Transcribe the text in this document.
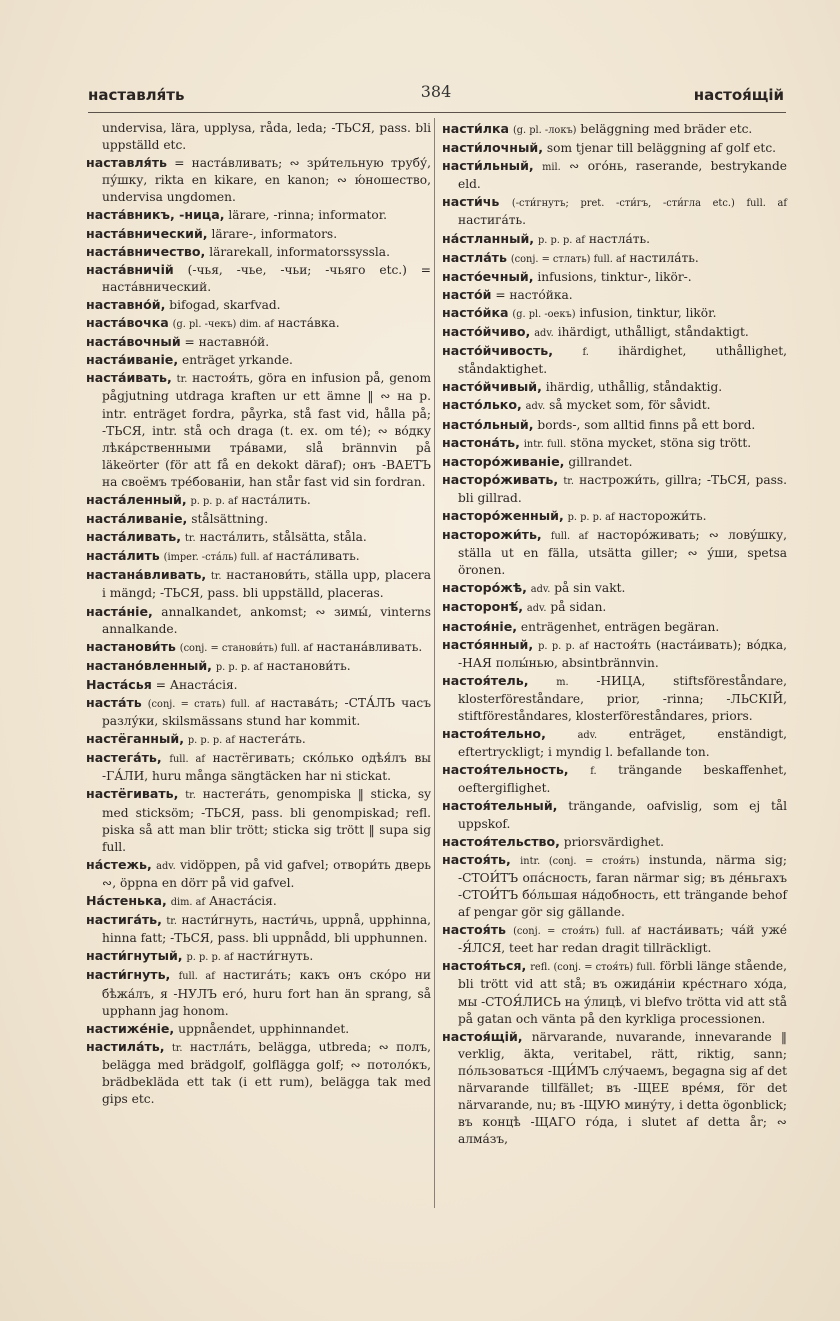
наставля́ть	384	настоя́щій

undervisa, lära, upplysa, råda, leda; -ТЬСЯ, pass. bli uppställd etc.

наставля́ть = наста́вливать; ∾ зри́тельную трубу́, пу́шку, rikta en kikare, en kanon; ∾ ю́ношество, undervisa ungdomen.

наста́вникъ, -ница, lärare, -rinna; informator.

наста́внический, lärare-, informators.

наста́вничество, lärarekall, informatorssyssla.

наста́вничій (-чья, -чье, -чьи; -чьяго etc.) = наста́внический.

наставно́й, bifogad, skarfvad.

наста́вочка (g. pl. -чекъ) dim. af наста́вка.

наста́вочный = наставно́й.

наста́иваніе, enträget yrkande.

наста́ивать, tr. настоя́ть, göra en infusion på, genom pågjutning utdraga kraften ur ett ämne ‖ ∾ на p. intr. enträget fordra, påyrka, stå fast vid, hålla på; -ТЬСЯ, intr. stå och draga (t. ex. om té); ∾ во́дку лѣка́рственными тра́вами, slå brännvin på läkeörter (för att få en dekokt däraf); онъ -ВАЕТЪ на своёмъ тре́бованіи, han står fast vid sin fordran.

наста́ленный, p. p. p. af наста́лить.

наста́ливаніе, stålsättning.

наста́ливать, tr. наста́лить, stålsätta, ståla.

наста́лить (imper. -ста́ль) full. af наста́ливать.

настана́вливать, tr. настанови́ть, ställa upp, placera i mängd; -ТЬСЯ, pass. bli uppställd, placeras.

наста́ніе, annalkandet, ankomst; ∾ зимы́, vinterns annalkande.

настанови́ть (conj. = станови́ть) full. af настана́вливать.

настано́вленный, p. p. p. af настанови́ть.

Наста́сья = Анаста́сія.

наста́ть (conj. = стать) full. af настава́ть; -СТА́ЛЪ часъ разлу́ки, skilsmässans stund har kommit.

настёганный, p. p. p. af настега́ть.

настега́ть, full. af настёгивать; ско́лько одѣя́лъ вы -ГА́ЛИ, huru många sängtäcken har ni stickat.

настёгивать, tr. настега́ть, genompiska ‖ sticka, sy med sticksöm; -ТЬСЯ, pass. bli genompiskad; refl. piska så att man blir trött; sticka sig trött ‖ supa sig full.

на́стежь, adv. vidöppen, på vid gafvel; отвори́ть дверь ∾, öppna en dörr på vid gafvel.

На́стенька, dim. af Анаста́сія.

настига́ть, tr. насти́гнуть, насти́чь, uppnå, upphinna, hinna fatt; -ТЬСЯ, pass. bli uppnådd, bli upphunnen.

насти́гнутый, p. p. p. af насти́гнуть.

насти́гнуть, full. af настига́ть; какъ онъ ско́ро ни бѣжа́лъ, я -НУЛЪ его́, huru fort han än sprang, så upphann jag honom.

настиже́ніе, uppnåendet, upphinnandet.

настила́ть, tr. настла́ть, belägga, utbreda; ∾ полъ, belägga med brädgolf, golflägga golf; ∾ потоло́къ, brädbekläda ett tak (i ett rum), belägga tak med gips etc.

насти́лка (g. pl. -локъ) beläggning med bräder etc.

насти́лочный, som tjenar till beläggning af golf etc.

насти́льный, mil. ∾ ого́нь, raserande, bestrykande eld.

насти́чь (-сти́гнутъ; pret. -сти́гъ, -сти́гла etc.) full. af настига́ть.

на́стланный, p. p. p. af настла́ть.

настла́ть (conj. = стлать) full. af настила́ть.

насто́ечный, infusions, tinktur-, likör-.

насто́й = насто́йка.

насто́йка (g. pl. -оекъ) infusion, tinktur, likör.

насто́йчиво, adv. ihärdigt, uthålligt, ståndaktigt.

насто́йчивость,	f. ihärdighet, uthållighet, ståndaktighet.

насто́йчивый, ihärdig, uthållig, ståndaktig.

насто́лько, adv. så mycket som, för såvidt.

насто́льный, bords-, som alltid finns på ett bord.

настона́ть, intr. full. stöna mycket, stöna sig trött.

насторо́живаніе, gillrandet.

насторо́живать, tr. настрожи́ть, gillra; -ТЬСЯ, pass. bli gillrad.

насторо́женный, p. p. p. af насторожи́ть.

насторожи́ть, full. af насторо́живать; ∾ ловýшку, ställa ut en fälla, utsätta giller; ∾ у́ши, spetsa öronen.

насторо́жѣ, adv. på sin vakt.

насторонѣ́, adv. på sidan.

настоя́ніе, enträgenhet, enträgen begäran.

насто́янный, p. p. p. af настоя́ть (наста́ивать); во́дка, -НАЯ полы́нью, absintbrännvin.

настоя́тель,	m. -НИЦА, stiftsföreståndare, klosterföreståndare, prior, -rinna; -ЛЬСКІЙ, stiftföreståndares, klosterföreståndares, priors.

настоя́тельно,	adv.	enträget, enständigt, eftertryckligt; i myndig l. befallande ton.

настоя́тельность, f. trängande beskaffenhet, oeftergiflighet.

настоя́тельный, trängande, oafvislig, som ej tål uppskof.

настоя́тельство, priorsvärdighet.

настоя́ть, intr. (conj. = стоя́ть) instunda, närma sig; -СТОИ́ТЪ опа́сность, faran närmar sig; въ де́ньгахъ -СТОИ́ТЪ бо́льшая на́добность, ett trängande behof af pengar gör sig gällande.

настоя́ть (conj. = стоя́ть) full. af наста́ивать; ча́й уже́ -Я́ЛСЯ, teet har redan dragit tillräckligt.

настоя́ться, refl. (conj. = стоя́ть) full. förbli länge stående, bli trött vid att stå; въ ожида́ніи кре́стнаго хо́да, мы -СТОЯ́ЛИСЬ на у́лицѣ, vi blefvo trötta vid att stå på gatan och vänta på den kyrkliga processionen.

настоя́щій, närvarande, nuvarande, innevarande ‖ verklig, äkta, veritabel, rätt, riktig, sann; по́льзоваться -ЩИ́МЪ слу́чаемъ, begagna sig af det närvarande tillfället; въ -ЩЕЕ вре́мя, för det närvarande, nu; въ -ЩУЮ мину́ту, i detta ögonblick; въ концѣ -ЩАГО го́да, i slutet af detta år; ∾ алма́зъ,
